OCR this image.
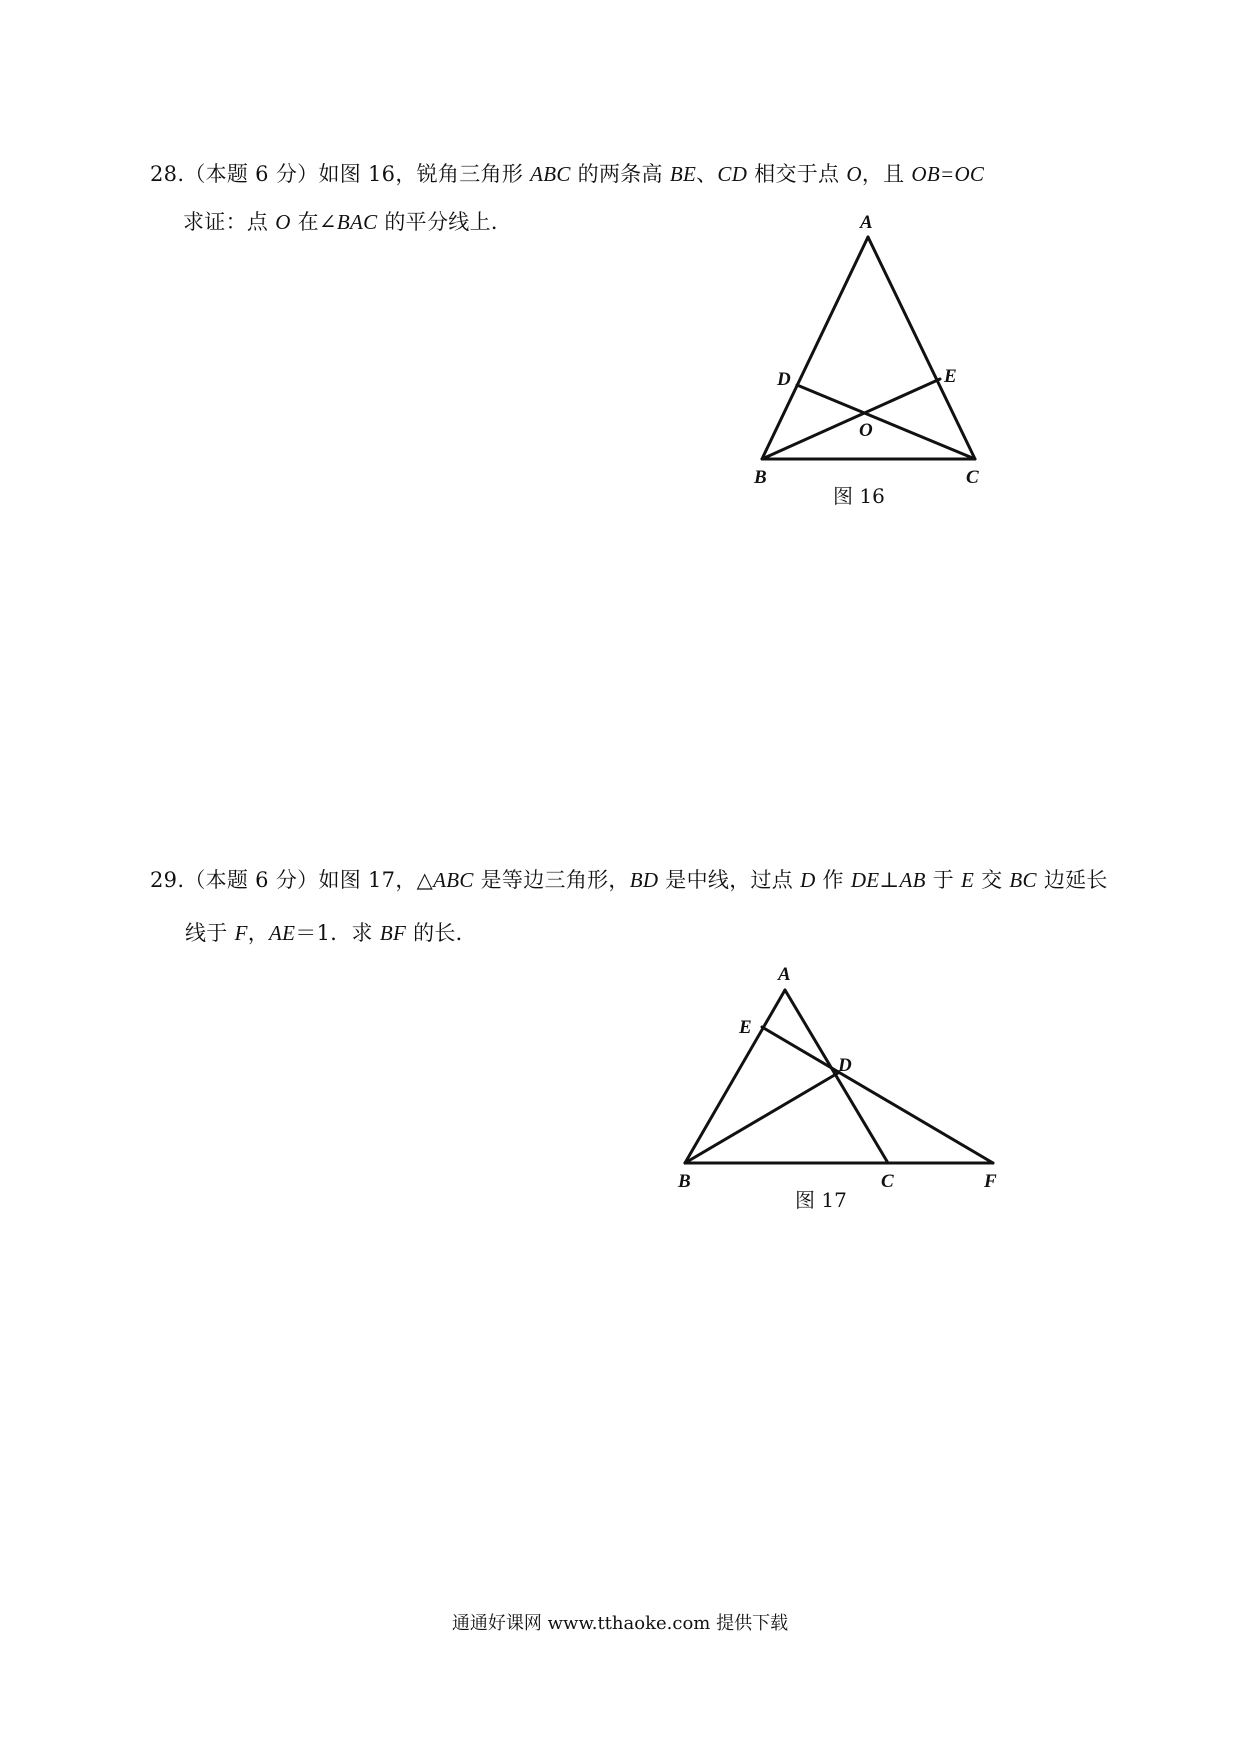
28.（本题 6 分）如图 16，锐角三角形 ABC 的两条高 BE、CD 相交于点 O，且 OB=OC
求证：点 O 在∠BAC 的平分线上．	A
D	E
O
B	C
图 16
29.（本题 6 分）如图 17，△ABC 是等边三角形，BD 是中线，过点 D 作 DE⊥AB 于 E 交 BC 边延长
线于 F，AE＝1．求 BF 的长．
A
E
D
B	C	F
图 17
通通好课网 www.tthaoke.com 提供下载
